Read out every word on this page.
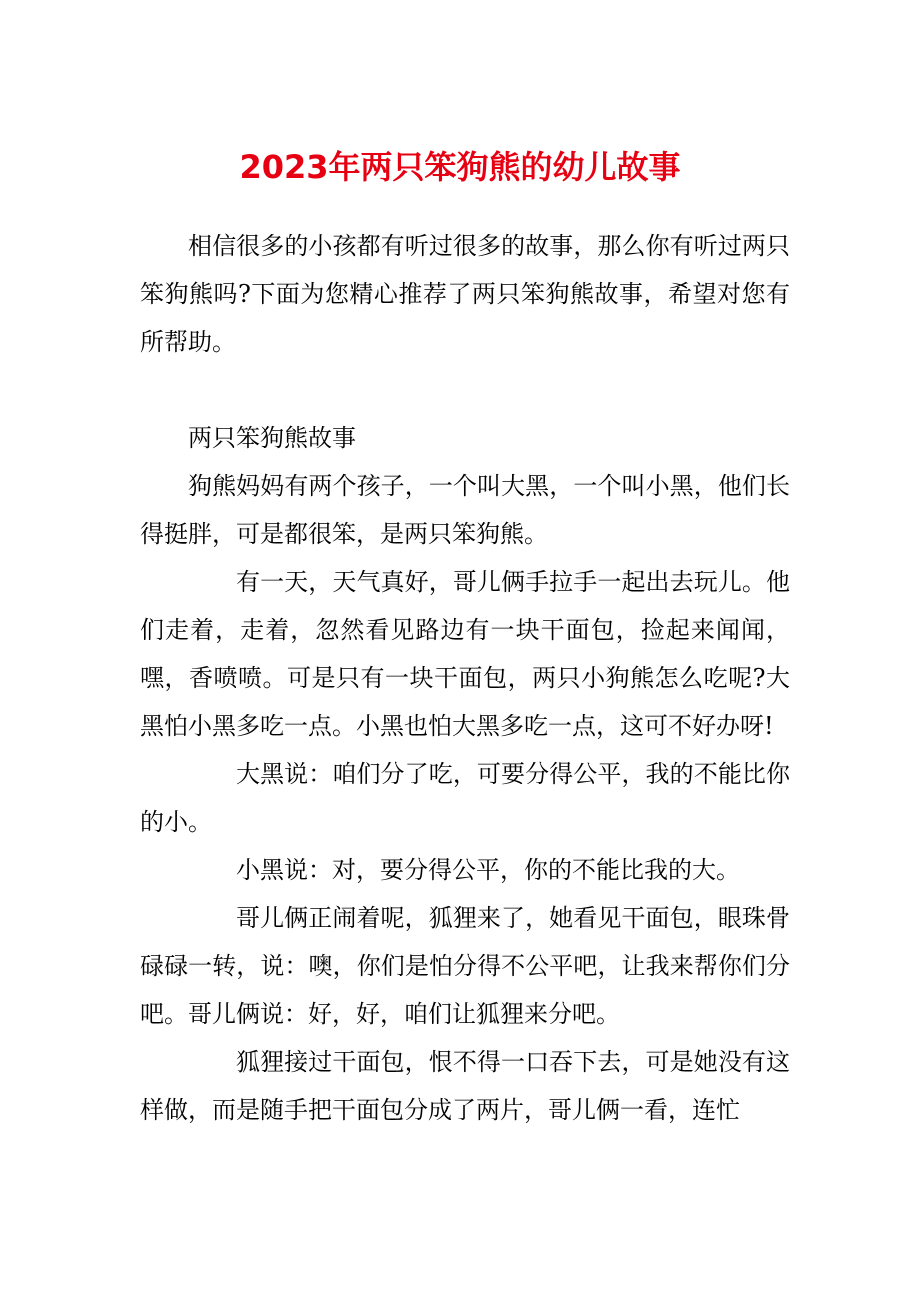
2023年两只笨狗熊的幼儿故事

相信很多的小孩都有听过很多的故事，那么你有听过两只笨狗熊吗?下面为您精心推荐了两只笨狗熊故事，希望对您有所帮助。

两只笨狗熊故事

狗熊妈妈有两个孩子，一个叫大黑，一个叫小黑，他们长得挺胖，可是都很笨，是两只笨狗熊。

有一天，天气真好，哥儿俩手拉手一起出去玩儿。他们走着，走着，忽然看见路边有一块干面包，捡起来闻闻，嘿，香喷喷。可是只有一块干面包，两只小狗熊怎么吃呢?大黑怕小黑多吃一点。小黑也怕大黑多吃一点，这可不好办呀!

大黑说：咱们分了吃，可要分得公平，我的不能比你的小。

小黑说：对，要分得公平，你的不能比我的大。

哥儿俩正闹着呢，狐狸来了，她看见干面包，眼珠骨碌碌一转，说：噢，你们是怕分得不公平吧，让我来帮你们分吧。哥儿俩说：好，好，咱们让狐狸来分吧。

狐狸接过干面包，恨不得一口吞下去，可是她没有这样做，而是随手把干面包分成了两片，哥儿俩一看，连忙
